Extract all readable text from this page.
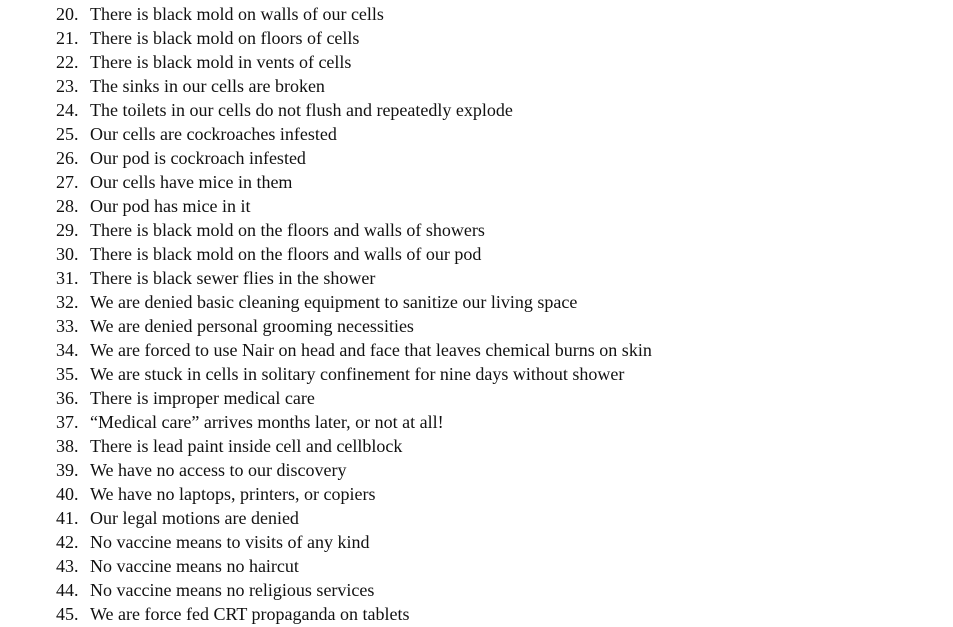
20. There is black mold on walls of our cells
21. There is black mold on floors of cells
22. There is black mold in vents of cells
23. The sinks in our cells are broken
24. The toilets in our cells do not flush and repeatedly explode
25. Our cells are cockroaches infested
26. Our pod is cockroach infested
27. Our cells have mice in them
28. Our pod has mice in it
29. There is black mold on the floors and walls of showers
30. There is black mold on the floors and walls of our pod
31. There is black sewer flies in the shower
32. We are denied basic cleaning equipment to sanitize our living space
33. We are denied personal grooming necessities
34. We are forced to use Nair on head and face that leaves chemical burns on skin
35. We are stuck in cells in solitary confinement for nine days without shower
36. There is improper medical care
37. “Medical care” arrives months later, or not at all!
38. There is lead paint inside cell and cellblock
39. We have no access to our discovery
40. We have no laptops, printers, or copiers
41. Our legal motions are denied
42. No vaccine means to visits of any kind
43. No vaccine means no haircut
44. No vaccine means no religious services
45. We are force fed CRT propaganda on tablets
